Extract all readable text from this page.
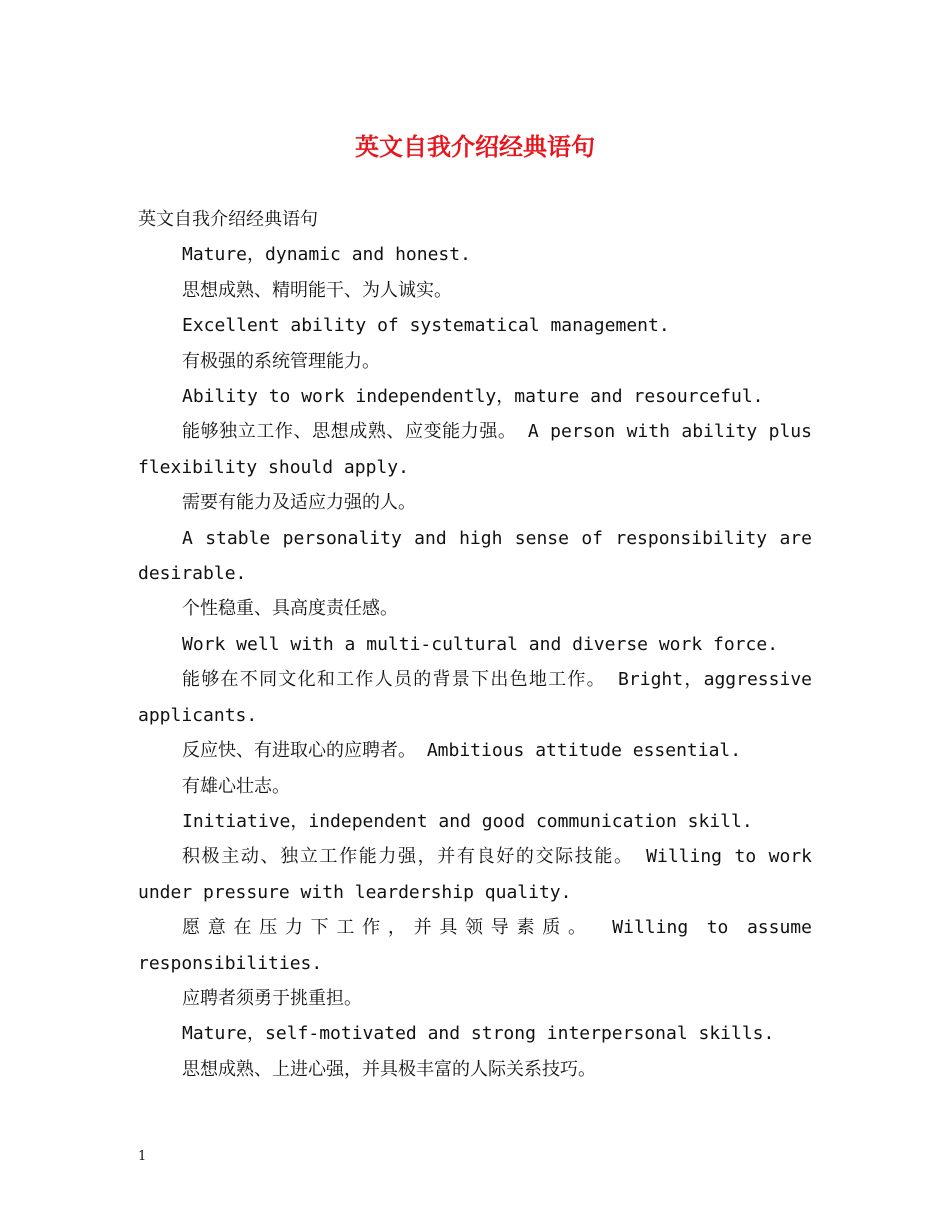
英文自我介绍经典语句

英文自我介绍经典语句

Mature，dynamic and honest.

思想成熟、精明能干、为人诚实。

Excellent ability of systematical management.

有极强的系统管理能力。

Ability to work independently，mature and resourceful.

能够独立工作、思想成熟、应变能力强。 A person with ability plus flexibility should apply.

需要有能力及适应力强的人。

A stable personality and high sense of responsibility are desirable.

个性稳重、具高度责任感。

Work well with a multi-cultural and diverse work force.

能够在不同文化和工作人员的背景下出色地工作。 Bright，aggressive applicants.

反应快、有进取心的应聘者。 Ambitious attitude essential.

有雄心壮志。

Initiative，independent and good communication skill.

积极主动、独立工作能力强，并有良好的交际技能。 Willing to work under pressure with leardership quality.

愿意在压力下工作，并具领导素质。 Willing to assume responsibilities.

应聘者须勇于挑重担。

Mature，self-motivated and strong interpersonal skills.

思想成熟、上进心强，并具极丰富的人际关系技巧。

1
